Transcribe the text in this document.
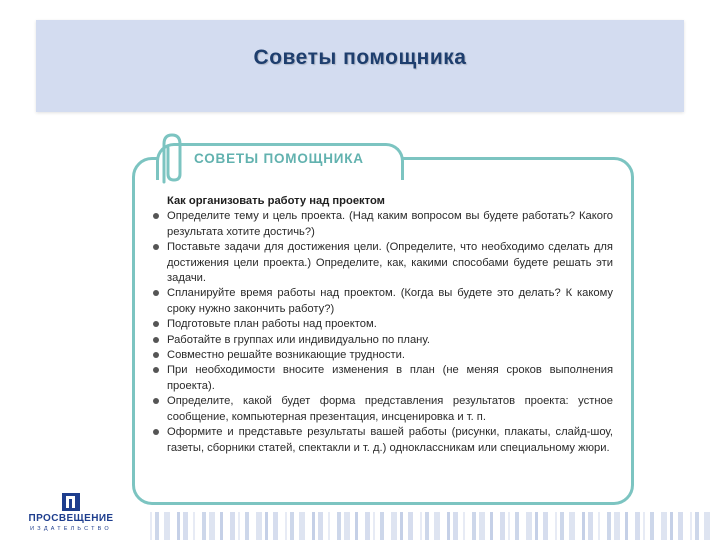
Советы помощника
СОВЕТЫ ПОМОЩНИКА
Как организовать работу над проектом
Определите тему и цель проекта. (Над каким вопросом вы будете работать? Какого результата хотите достичь?)
Поставьте задачи для достижения цели. (Определите, что необходимо сделать для достижения цели проекта.) Определите, как, какими способами будете решать эти задачи.
Спланируйте время работы над проектом. (Когда вы будете это делать? К какому сроку нужно закончить работу?)
Подготовьте план работы над проектом.
Работайте в группах или индивидуально по плану.
Совместно решайте возникающие трудности.
При необходимости вносите изменения в план (не меняя сроков выполнения проекта).
Определите, какой будет форма представления результатов проекта: устное сообщение, компьютерная презентация, инсценировка и т. п.
Оформите и представьте результаты вашей работы (рисунки, плакаты, слайд-шоу, газеты, сборники статей, спектакли и т. д.) одноклассникам или специальному жюри.
ПРОСВЕЩЕНИЕ
ИЗДАТЕЛЬСТВО
